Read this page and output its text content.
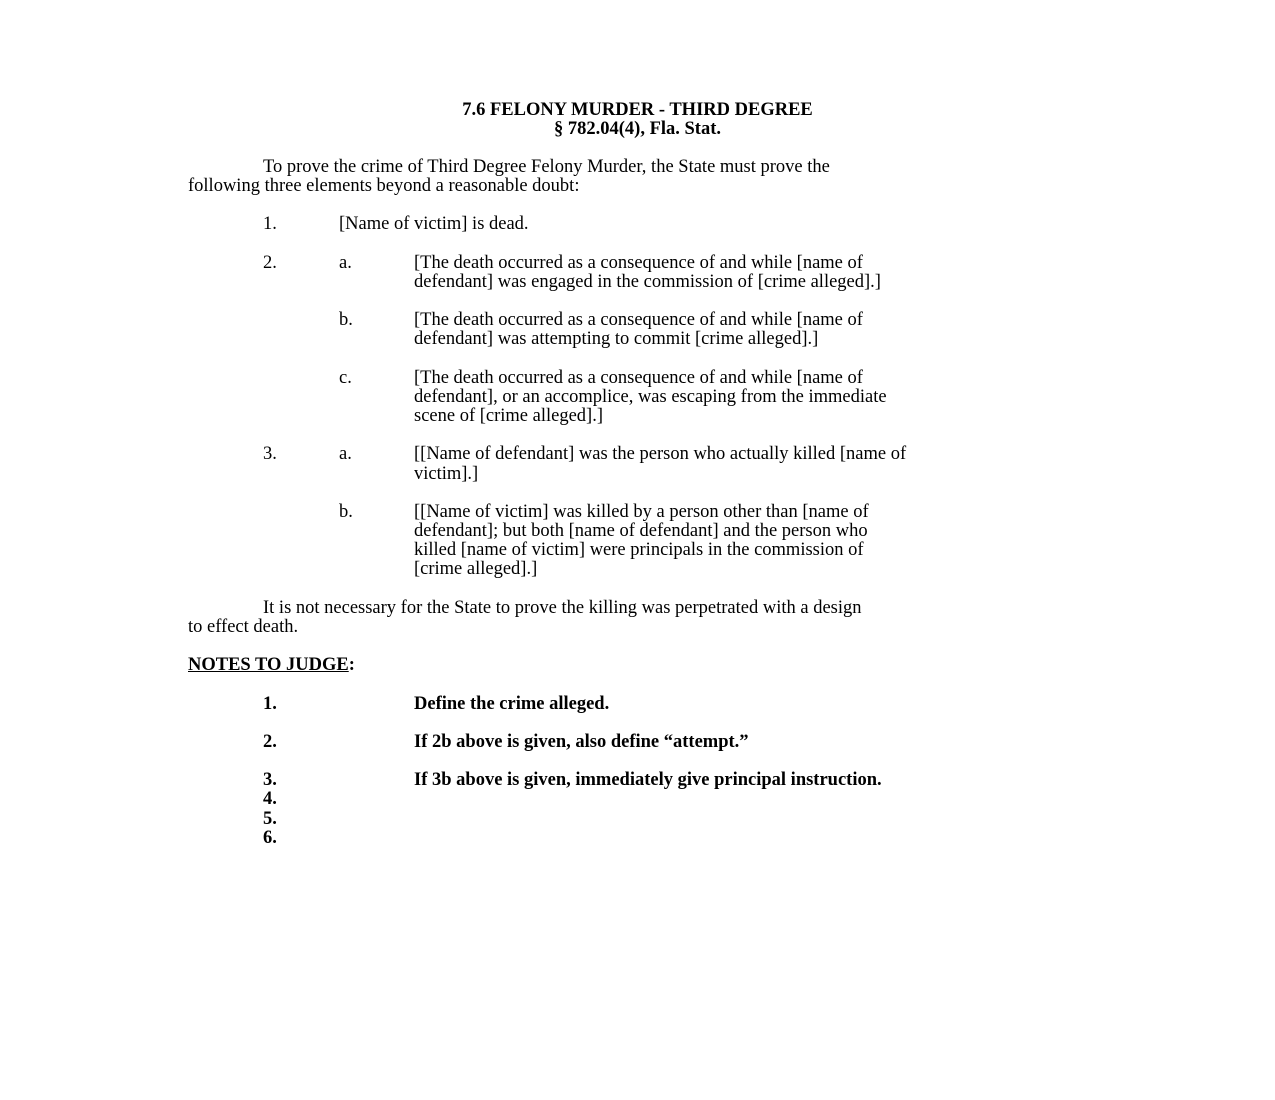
7.6 FELONY MURDER - THIRD DEGREE
§ 782.04(4), Fla. Stat.
To prove the crime of Third Degree Felony Murder, the State must prove the
following three elements beyond a reasonable doubt:
1.	[Name of victim] is dead.
2.	a.	[The death occurred as a consequence of and while [name of
defendant] was engaged in the commission of [crime alleged].]
b.	[The death occurred as a consequence of and while [name of
defendant] was attempting to commit [crime alleged].]
c.	[The death occurred as a consequence of and while [name of
defendant], or an accomplice, was escaping from the immediate
scene of [crime alleged].]
3.	a.	[[Name of defendant] was the person who actually killed [name of
victim].]
b.	[[Name of victim] was killed by a person other than [name of
defendant]; but both [name of defendant] and the person who
killed [name of victim] were principals in the commission of
[crime alleged].]
It is not necessary for the State to prove the killing was perpetrated with a design
to effect death.
NOTES TO JUDGE:
1.	Define the crime alleged.
2.	If 2b above is given, also define “attempt.”
3.	If 3b above is given, immediately give principal instruction.
4.
5.
6.
